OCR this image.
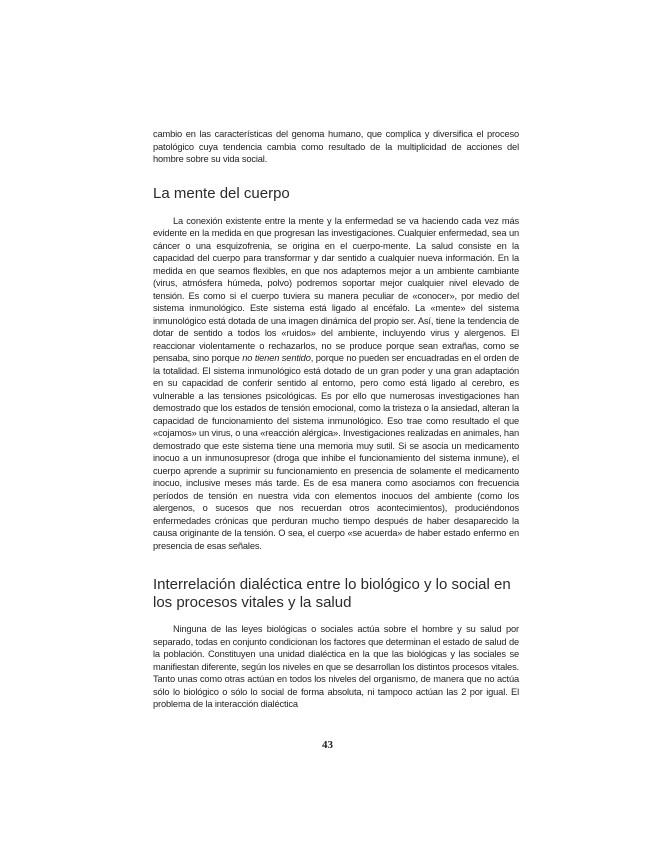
cambio en las características del genoma humano, que complica y diversifica el proceso patológico cuya tendencia cambia como resultado de la multiplicidad de acciones del hombre sobre su vida social.

La mente del cuerpo

La conexión existente entre la mente y la enfermedad se va haciendo cada vez más evidente en la medida en que progresan las investigaciones. Cualquier enfermedad, sea un cáncer o una esquizofrenia, se origina en el cuerpo-mente. La salud consiste en la capacidad del cuerpo para transformar y dar sentido a cualquier nueva información. En la medida en que seamos flexibles, en que nos adaptemos mejor a un ambiente cambiante (virus, atmósfera húmeda, polvo) podremos soportar mejor cualquier nivel elevado de tensión. Es como si el cuerpo tuviera su manera peculiar de «conocer», por medio del sistema inmunológico. Este sistema está ligado al encéfalo. La «mente» del sistema inmunológico está dotada de una imagen dinámica del propio ser. Así, tiene la tendencia de dotar de sentido a todos los «ruidos» del ambiente, incluyendo virus y alergenos. El reaccionar violentamente o rechazarlos, no se produce porque sean extrañas, como se pensaba, sino porque no tienen sentido, porque no pueden ser encuadradas en el orden de la totalidad. El sistema inmunológico está dotado de un gran poder y una gran adaptación en su capacidad de conferir sentido al entorno, pero como está ligado al cerebro, es vulnerable a las tensiones psicológicas. Es por ello que numerosas investigaciones han demostrado que los estados de tensión emocional, como la tristeza o la ansiedad, alteran la capacidad de funcionamiento del sistema inmunológico. Eso trae como resultado el que «cojamos» un virus, o una «reacción alérgica». Investigaciones realizadas en animales, han demostrado que este sistema tiene una memoria muy sutil. Si se asocia un medicamento inocuo a un inmunosupresor (droga que inhibe el funcionamiento del sistema inmune), el cuerpo aprende a suprimir su funcionamiento en presencia de solamente el medicamento inocuo, inclusive meses más tarde. Es de esa manera como asociamos con frecuencia períodos de tensión en nuestra vida con elementos inocuos del ambiente (como los alergenos, o sucesos que nos recuerdan otros acontecimientos), produciéndonos enfermedades crónicas que perduran mucho tiempo después de haber desaparecido la causa originante de la tensión. O sea, el cuerpo «se acuerda» de haber estado enfermo en presencia de esas señales.

Interrelación dialéctica entre lo biológico y lo social en los procesos vitales y la salud

Ninguna de las leyes biológicas o sociales actúa sobre el hombre y su salud por separado, todas en conjunto condicionan los factores que determinan el estado de salud de la población. Constituyen una unidad dialéctica en la que las biológicas y las sociales se manifiestan diferente, según los niveles en que se desarrollan los distintos procesos vitales. Tanto unas como otras actúan en todos los niveles del organismo, de manera que no actúa sólo lo biológico o sólo lo social de forma absoluta, ni tampoco actúan las 2 por igual. El problema de la interacción dialéctica

43
